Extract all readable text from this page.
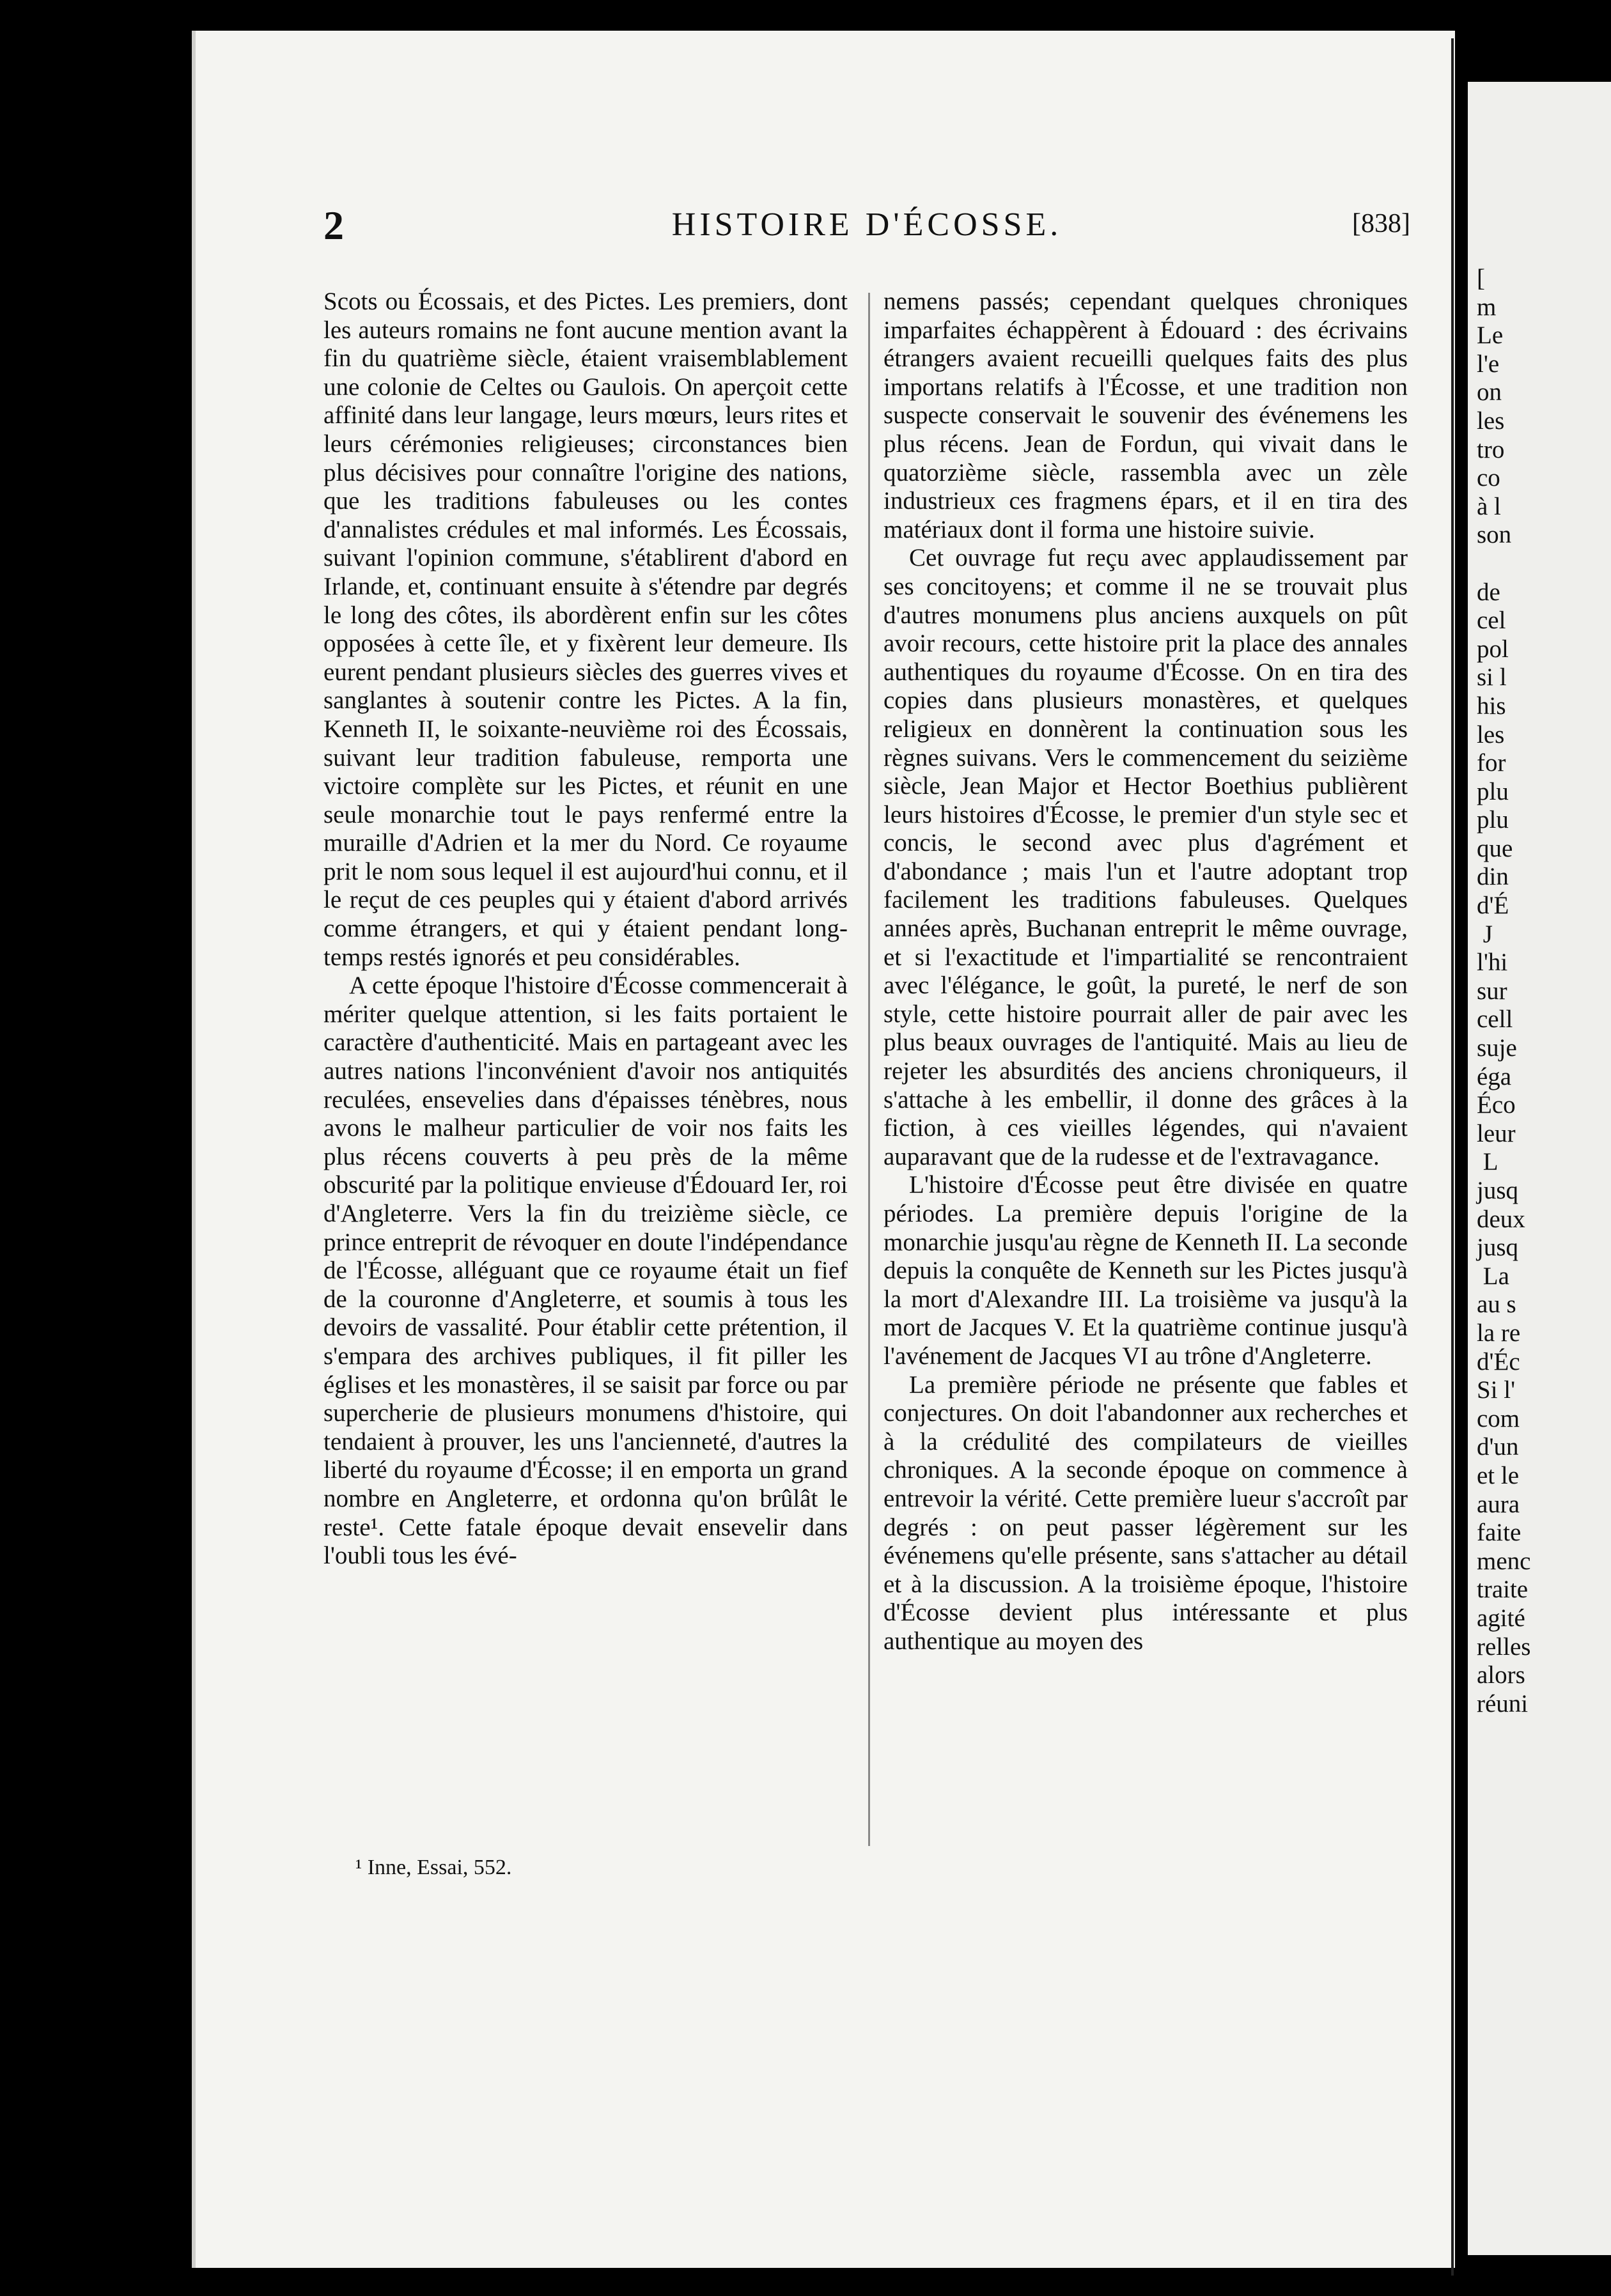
2	HISTOIRE D'ÉCOSSE.	[838]

Scots ou Écossais, et des Pictes. Les premiers, dont les auteurs romains ne font aucune mention avant la fin du quatrième siècle, étaient vraisemblablement une colonie de Celtes ou Gaulois. On aperçoit cette affinité dans leur langage, leurs mœurs, leurs rites et leurs cérémonies religieuses; circonstances bien plus décisives pour connaître l'origine des nations, que les traditions fabuleuses ou les contes d'annalistes crédules et mal informés. Les Écossais, suivant l'opinion commune, s'établirent d'abord en Irlande, et, continuant ensuite à s'étendre par degrés le long des côtes, ils abordèrent enfin sur les côtes opposées à cette île, et y fixèrent leur demeure. Ils eurent pendant plusieurs siècles des guerres vives et sanglantes à soutenir contre les Pictes. A la fin, Kenneth II, le soixante-neuvième roi des Écossais, suivant leur tradition fabuleuse, remporta une victoire complète sur les Pictes, et réunit en une seule monarchie tout le pays renfermé entre la muraille d'Adrien et la mer du Nord. Ce royaume prit le nom sous lequel il est aujourd'hui connu, et il le reçut de ces peuples qui y étaient d'abord arrivés comme étrangers, et qui y étaient pendant long-temps restés ignorés et peu considérables.

A cette époque l'histoire d'Écosse commencerait à mériter quelque attention, si les faits portaient le caractère d'authenticité. Mais en partageant avec les autres nations l'inconvénient d'avoir nos antiquités reculées, ensevelies dans d'épaisses ténèbres, nous avons le malheur particulier de voir nos faits les plus récens couverts à peu près de la même obscurité par la politique envieuse d'Édouard Ier, roi d'Angleterre. Vers la fin du treizième siècle, ce prince entreprit de révoquer en doute l'indépendance de l'Écosse, alléguant que ce royaume était un fief de la couronne d'Angleterre, et soumis à tous les devoirs de vassalité. Pour établir cette prétention, il s'empara des archives publiques, il fit piller les églises et les monastères, il se saisit par force ou par supercherie de plusieurs monumens d'histoire, qui tendaient à prouver, les uns l'ancienneté, d'autres la liberté du royaume d'Écosse; il en emporta un grand nombre en Angleterre, et ordonna qu'on brûlât le reste¹. Cette fatale époque devait ensevelir dans l'oubli tous les évé-

nemens passés; cependant quelques chroniques imparfaites échappèrent à Édouard : des écrivains étrangers avaient recueilli quelques faits des plus importans relatifs à l'Écosse, et une tradition non suspecte conservait le souvenir des événemens les plus récens. Jean de Fordun, qui vivait dans le quatorzième siècle, rassembla avec un zèle industrieux ces fragmens épars, et il en tira des matériaux dont il forma une histoire suivie.

Cet ouvrage fut reçu avec applaudissement par ses concitoyens; et comme il ne se trouvait plus d'autres monumens plus anciens auxquels on pût avoir recours, cette histoire prit la place des annales authentiques du royaume d'Écosse. On en tira des copies dans plusieurs monastères, et quelques religieux en donnèrent la continuation sous les règnes suivans. Vers le commencement du seizième siècle, Jean Major et Hector Boethius publièrent leurs histoires d'Écosse, le premier d'un style sec et concis, le second avec plus d'agrément et d'abondance ; mais l'un et l'autre adoptant trop facilement les traditions fabuleuses. Quelques années après, Buchanan entreprit le même ouvrage, et si l'exactitude et l'impartialité se rencontraient avec l'élégance, le goût, la pureté, le nerf de son style, cette histoire pourrait aller de pair avec les plus beaux ouvrages de l'antiquité. Mais au lieu de rejeter les absurdités des anciens chroniqueurs, il s'attache à les embellir, il donne des grâces à la fiction, à ces vieilles légendes, qui n'avaient auparavant que de la rudesse et de l'extravagance.

L'histoire d'Écosse peut être divisée en quatre périodes. La première depuis l'origine de la monarchie jusqu'au règne de Kenneth II. La seconde depuis la conquête de Kenneth sur les Pictes jusqu'à la mort d'Alexandre III. La troisième va jusqu'à la mort de Jacques V. Et la quatrième continue jusqu'à l'avénement de Jacques VI au trône d'Angleterre.

La première période ne présente que fables et conjectures. On doit l'abandonner aux recherches et à la crédulité des compilateurs de vieilles chroniques. A la seconde époque on commence à entrevoir la vérité. Cette première lueur s'accroît par degrés : on peut passer légèrement sur les événemens qu'elle présente, sans s'attacher au détail et à la discussion. A la troisième époque, l'histoire d'Écosse devient plus intéressante et plus authentique au moyen des

¹ Inne, Essai, 552.
[
m
Le
l'e
on
les
tro
co
à l
son

de
cel
pol
si l
his
les
for
plu
plu
que
din
d'É
J
l'hi
sur
cell
suje
éga
Éco
leur
L
jusq
deux
jusq
La
au s
la re
d'Éc
Si l'
com
d'un
et le
aura
faite
menc
traite
agité
relles
alors
réuni
